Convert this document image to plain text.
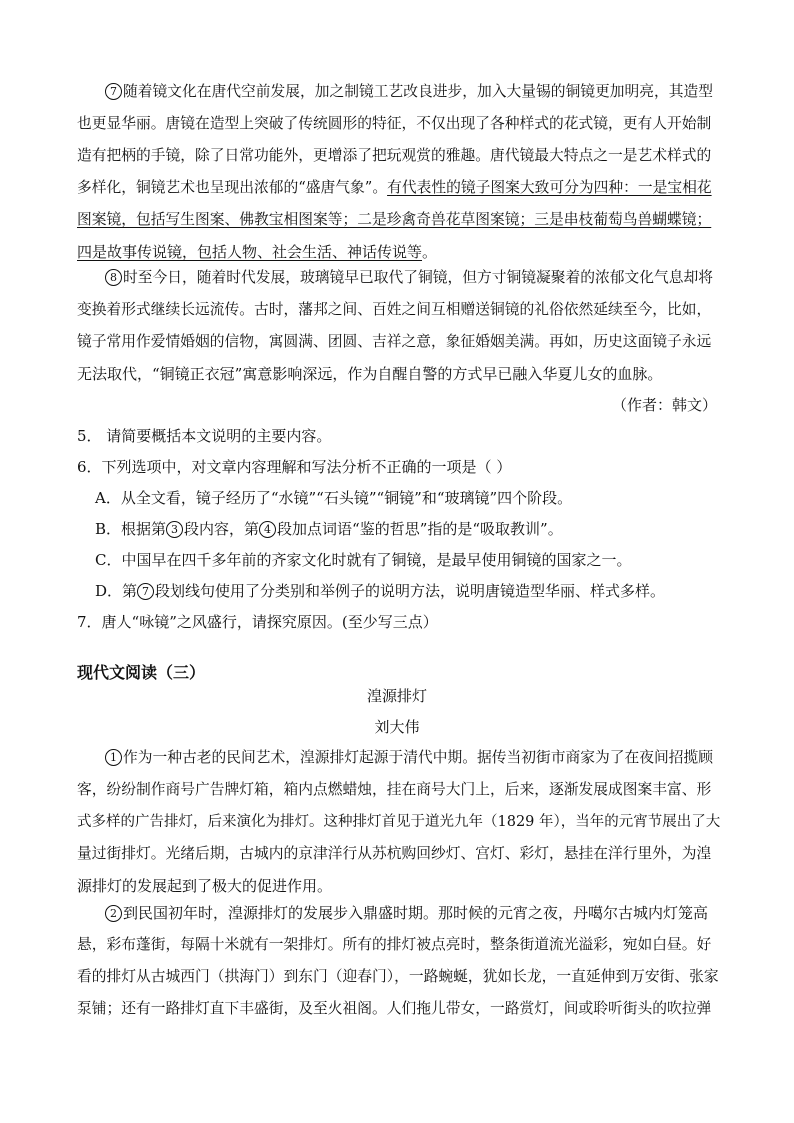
7 随着镜文化在唐代空前发展，加之制镜工艺改良进步，加入大量锡的铜镜更加明亮，其造型
也更显华丽。唐镜在造型上突破了传统圆形的特征，不仅出现了各种样式的花式镜，更有人开始制
造有把柄的手镜，除了日常功能外，更增添了把玩观赏的雅趣。唐代镜最大特点之一是艺术样式的
多样化，铜镜艺术也呈现出浓郁的“盛唐气象”。有代表性的镜子图案大致可分为四种：一是宝相花
图案镜，包括写生图案、佛教宝相图案等；二是珍禽奇兽花草图案镜；三是串枝葡萄鸟兽蝴蝶镜；
四是故事传说镜，包括人物、社会生活、神话传说等。
8 时至今日，随着时代发展，玻璃镜早已取代了铜镜，但方寸铜镜凝聚着的浓郁文化气息却将
变换着形式继续长远流传。古时，藩邦之间、百姓之间互相赠送铜镜的礼俗依然延续至今，比如，
镜子常用作爱情婚姻的信物，寓圆满、团圆、吉祥之意，象征婚姻美满。再如，历史这面镜子永远
无法取代，“铜镜正衣冠”寓意影响深远，作为自醒自警的方式早已融入华夏儿女的血脉。
（作者：韩文）
5． 请简要概括本文说明的主要内容。
6．下列选项中，对文章内容理解和写法分析不正确的一项是（ ）
A．从全文看，镜子经历了“水镜”“石头镜”“铜镜”和“玻璃镜”四个阶段。
B．根据第 3 段内容，第 4 段加点词语“鉴的哲思”指的是“吸取教训”。
C．中国早在四千多年前的齐家文化时就有了铜镜，是最早使用铜镜的国家之一。
D．第 7 段划线句使用了分类别和举例子的说明方法，说明唐镜造型华丽、样式多样。
7．唐人“咏镜”之风盛行，请探究原因。(至少写三点）
现代文阅读（三）
湟源排灯
刘大伟
1 作为一种古老的民间艺术，湟源排灯起源于清代中期。据传当初街市商家为了在夜间招揽顾
客，纷纷制作商号广告牌灯箱，箱内点燃蜡烛，挂在商号大门上，后来，逐渐发展成图案丰富、形
式多样的广告排灯，后来演化为排灯。这种排灯首见于道光九年（1829 年），当年的元宵节展出了大
量过街排灯。光绪后期，古城内的京津洋行从苏杭购回纱灯、宫灯、彩灯，悬挂在洋行里外，为湟
源排灯的发展起到了极大的促进作用。
2 到民国初年时，湟源排灯的发展步入鼎盛时期。那时候的元宵之夜，丹噶尔古城内灯笼高
悬，彩布蓬街，每隔十米就有一架排灯。所有的排灯被点亮时，整条街道流光溢彩，宛如白昼。好
看的排灯从古城西门（拱海门）到东门（迎春门），一路蜿蜒，犹如长龙，一直延伸到万安街、张家
泵铺；还有一路排灯直下丰盛街，及至火祖阁。人们拖儿带女，一路赏灯，间或聆听街头的吹拉弹
